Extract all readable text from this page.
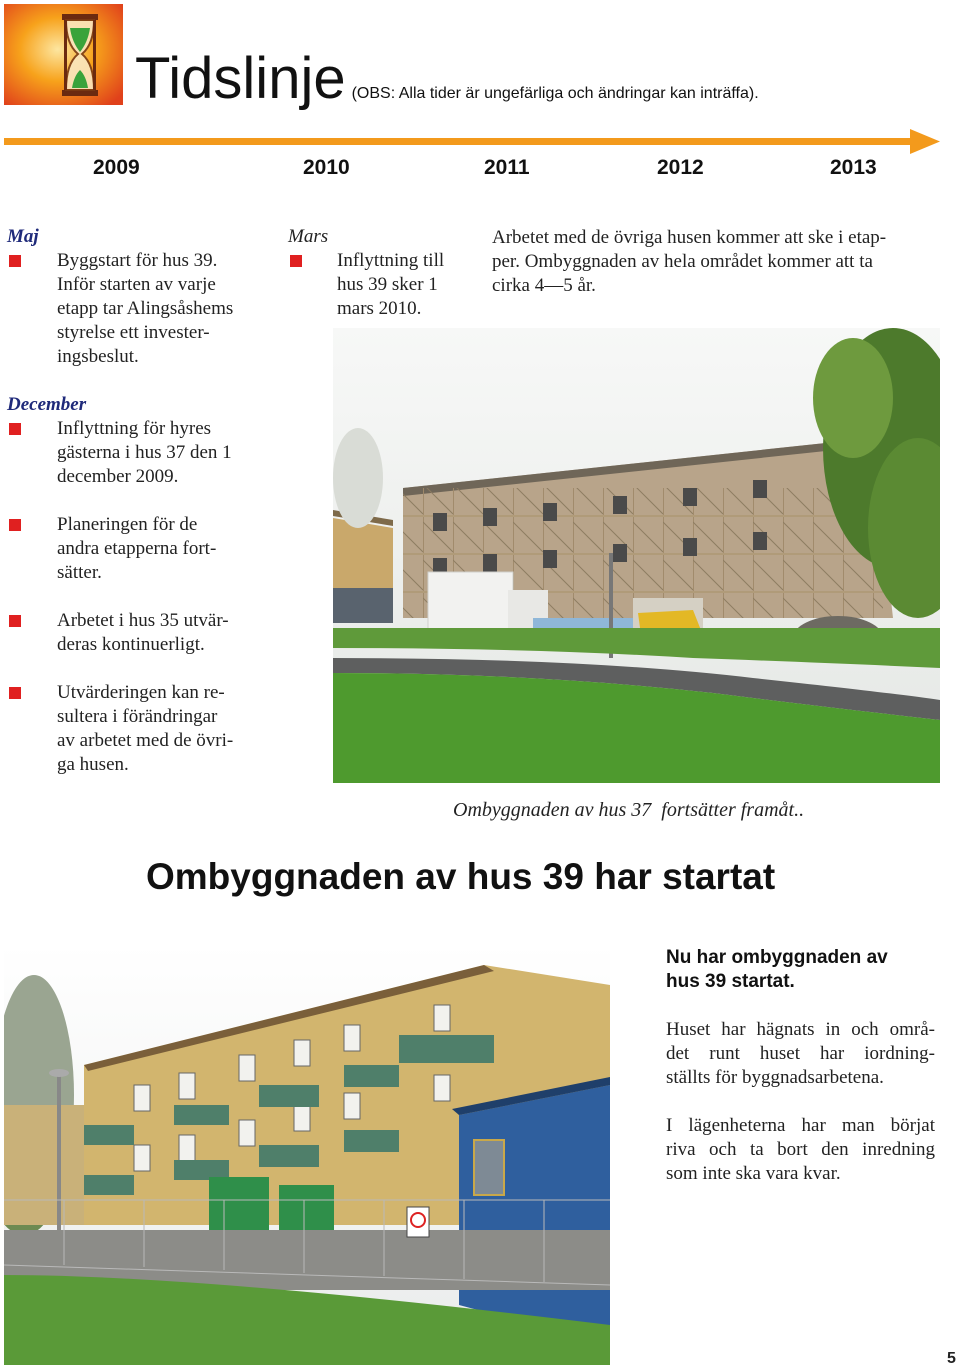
Tidslinje (OBS: Alla tider är ungefärliga och ändringar kan inträffa).
2009	2010	2011	2012	2013
Maj
Byggstart för hus 39.
Inför starten av varje
etapp tar Alingsåshems
styrelse ett invester-
ingsbeslut.
December
Inflyttning för hyres
gästerna i hus 37 den 1
december 2009.
Planeringen för de
andra etapperna fort-
sätter.
Arbetet i hus 35 utvär-
deras kontinuerligt.
Utvärderingen kan re-
sultera i förändringar
av arbetet med de övri-
ga husen.
Mars
Inflyttning till
hus 39 sker 1
mars 2010.
Arbetet med de övriga husen kommer att ske i etap-
per. Ombyggnaden av hela området kommer att ta
cirka 4—5 år.
Ombyggnaden av hus 37  fortsätter framåt..
Ombyggnaden av hus 39 har startat
Nu har ombyggnaden av
hus 39 startat.
Huset har hägnats in och områ-
det runt huset har iordning-
ställts för byggnadsarbetena.
I lägenheterna har man börjat
riva och ta bort den inredning
som inte ska vara kvar.
5
